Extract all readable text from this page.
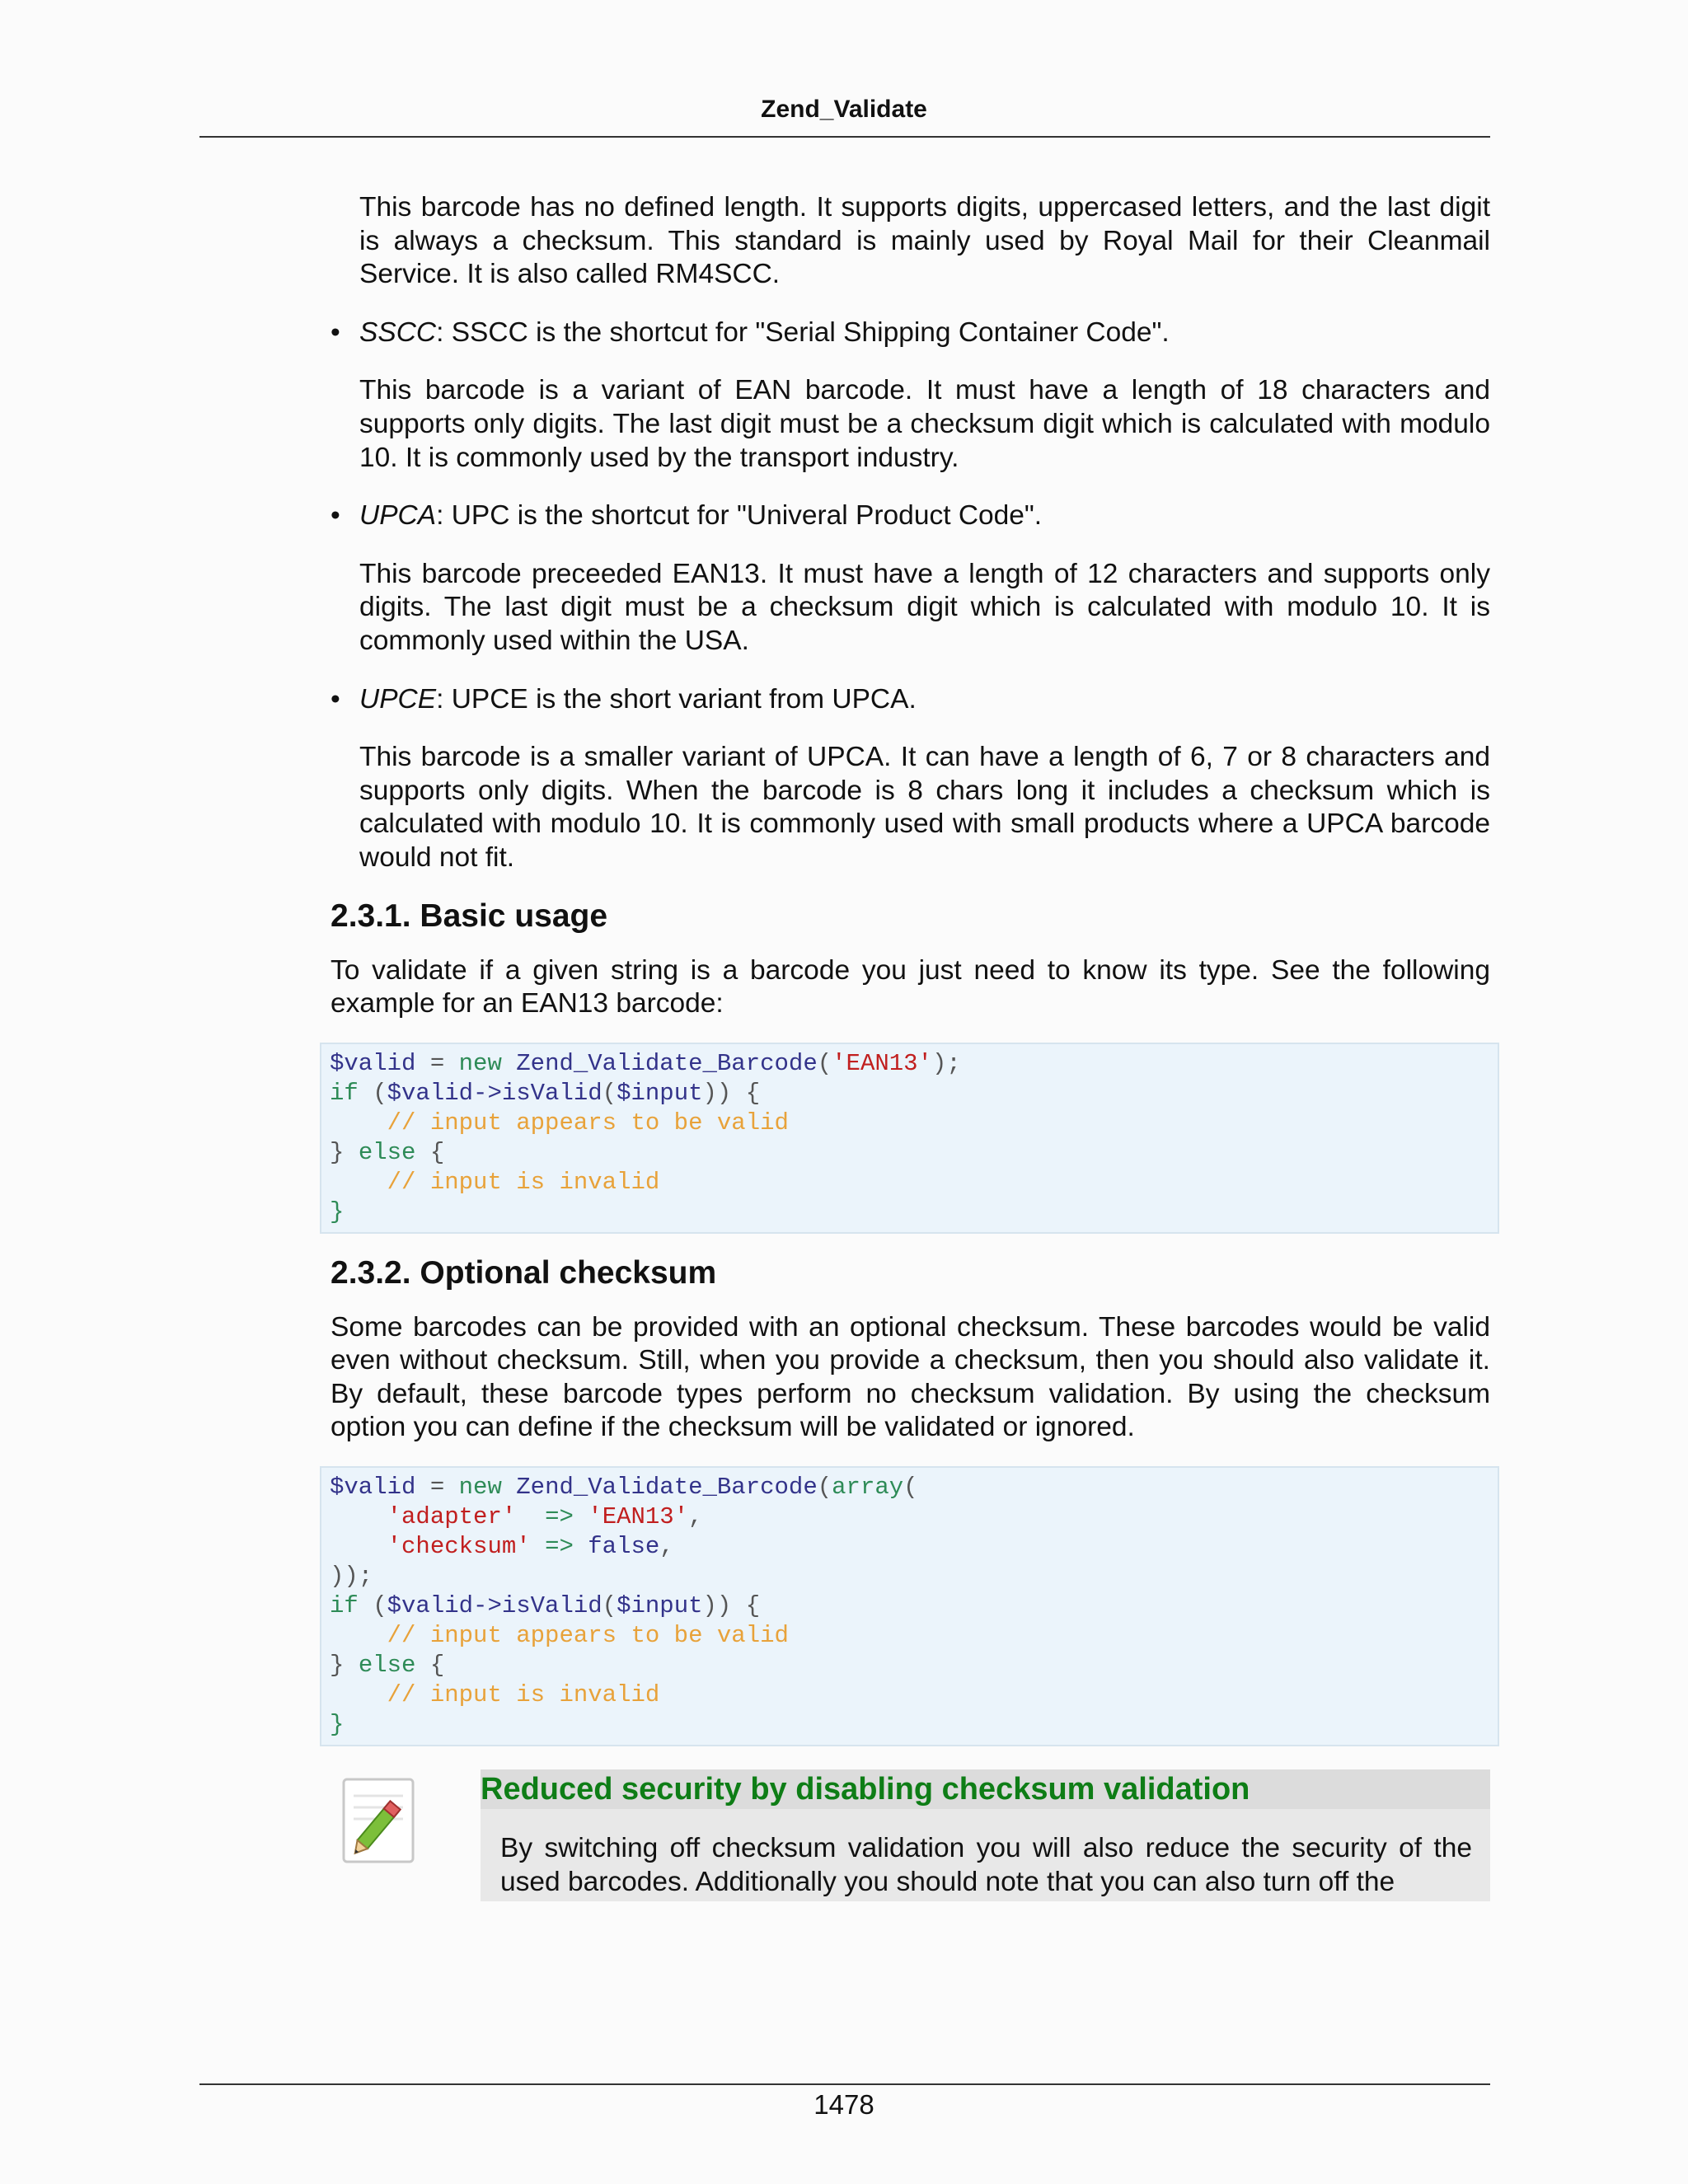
Zend_Validate

This barcode has no defined length. It supports digits, uppercased letters, and the last digit is always a checksum. This standard is mainly used by Royal Mail for their Cleanmail Service. It is also called RM4SCC.

• SSCC: SSCC is the shortcut for "Serial Shipping Container Code".

This barcode is a variant of EAN barcode. It must have a length of 18 characters and supports only digits. The last digit must be a checksum digit which is calculated with modulo 10. It is commonly used by the transport industry.

• UPCA: UPC is the shortcut for "Univeral Product Code".

This barcode preceeded EAN13. It must have a length of 12 characters and supports only digits. The last digit must be a checksum digit which is calculated with modulo 10. It is commonly used within the USA.

• UPCE: UPCE is the short variant from UPCA.

This barcode is a smaller variant of UPCA. It can have a length of 6, 7 or 8 characters and supports only digits. When the barcode is 8 chars long it includes a checksum which is calculated with modulo 10. It is commonly used with small products where a UPCA barcode would not fit.

2.3.1. Basic usage

To validate if a given string is a barcode you just need to know its type. See the following example for an EAN13 barcode:

$valid = new Zend_Validate_Barcode('EAN13');
if ($valid->isValid($input)) {
// input appears to be valid
} else {
// input is invalid
}
2.3.2. Optional checksum

Some barcodes can be provided with an optional checksum. These barcodes would be valid even without checksum. Still, when you provide a checksum, then you should also validate it. By default, these barcode types perform no checksum validation. By using the checksum option you can define if the checksum will be validated or ignored.

$valid = new Zend_Validate_Barcode(array(
'adapter' => 'EAN13',
'checksum' => false,
));
if ($valid->isValid($input)) {
// input appears to be valid
} else {
// input is invalid
}
Reduced security by disabling checksum validation
By switching off checksum validation you will also reduce the security of the used barcodes. Additionally you should note that you can also turn off the
1478
